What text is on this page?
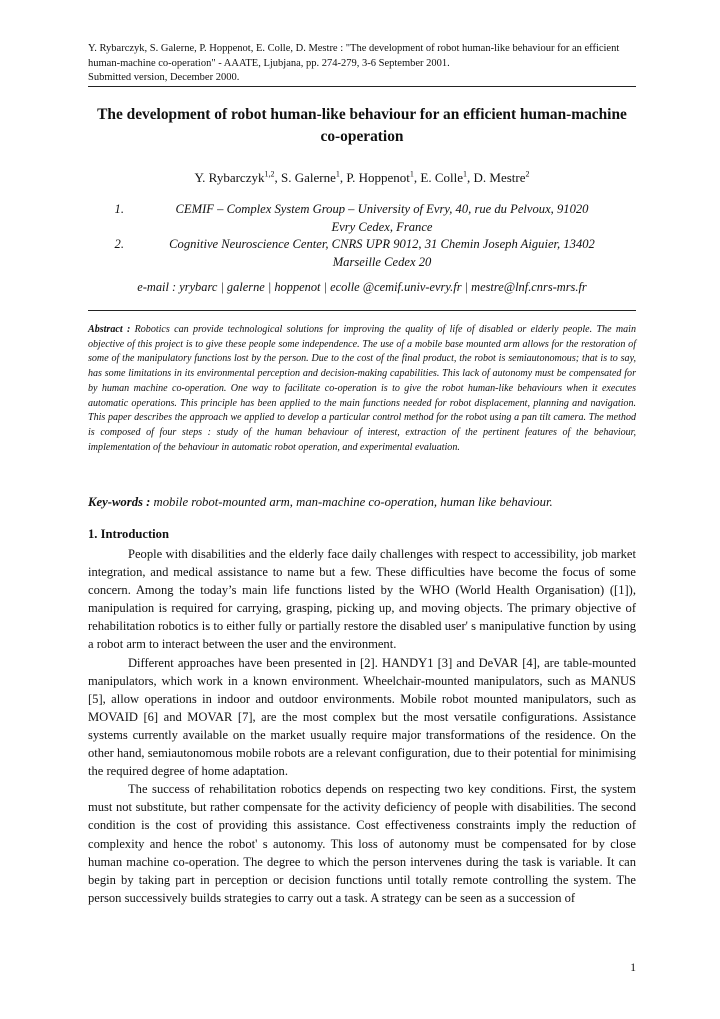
Y. Rybarczyk, S. Galerne, P. Hoppenot, E. Colle, D. Mestre : "The development of robot human-like behaviour for an efficient human-machine co-operation" - AAATE, Ljubjana, pp. 274-279, 3-6 September 2001.
Submitted version, December 2000.
The development of robot human-like behaviour for an efficient human-machine co-operation
Y. Rybarczyk$^{1,2}$, S. Galerne$^1$, P. Hoppenot$^1$, E. Colle$^1$, D. Mestre$^2$
1.	CEMIF – Complex System Group – University of Evry, 40, rue du Pelvoux, 91020
Evry Cedex, France
2.	Cognitive Neuroscience Center, CNRS UPR 9012, 31 Chemin Joseph Aiguier, 13402
Marseille Cedex 20
e-mail : yrybarc | galerne | hoppenot | ecolle @cemif.univ-evry.fr | mestre@lnf.cnrs-mrs.fr
Abstract : Robotics can provide technological solutions for improving the quality of life of disabled or elderly people. The main objective of this project is to give these people some independence. The use of a mobile base mounted arm allows for the restoration of some of the manipulatory functions lost by the person. Due to the cost of the final product, the robot is semiautonomous; that is to say, has some limitations in its environmental perception and decision-making capabilities. This lack of autonomy must be compensated for by human machine co-operation. One way to facilitate co-operation is to give the robot human-like behaviours when it executes automatic operations. This principle has been applied to the main functions needed for robot displacement, planning and navigation. This paper describes the approach we applied to develop a particular control method for the robot using a pan tilt camera. The method is composed of four steps : study of the human behaviour of interest, extraction of the pertinent features of the behaviour, implementation of the behaviour in automatic robot operation, and experimental evaluation.
Key-words : mobile robot-mounted arm, man-machine co-operation, human like behaviour.
1. Introduction

People with disabilities and the elderly face daily challenges with respect to accessibility, job market integration, and medical assistance to name but a few. These difficulties have become the focus of some concern. Among the today’s main life functions listed by the WHO (World Health Organisation) ([1]), manipulation is required for carrying, grasping, picking up, and moving objects. The primary objective of rehabilitation robotics is to either fully or partially restore the disabled user' s manipulative function by using a robot arm to interact between the user and the environment.

Different approaches have been presented in [2]. HANDY1 [3] and DeVAR [4], are table-mounted manipulators, which work in a known environment. Wheelchair-mounted manipulators, such as MANUS [5], allow operations in indoor and outdoor environments. Mobile robot mounted manipulators, such as MOVAID [6] and MOVAR [7], are the most complex but the most versatile configurations. Assistance systems currently available on the market usually require major transformations of the residence. On the other hand, semiautonomous mobile robots are a relevant configuration, due to their potential for minimising the required degree of home adaptation.

The success of rehabilitation robotics depends on respecting two key conditions. First, the system must not substitute, but rather compensate for the activity deficiency of people with disabilities. The second condition is the cost of providing this assistance. Cost effectiveness constraints imply the reduction of complexity and hence the robot' s autonomy. This loss of autonomy must be compensated for by close human machine co-operation. The degree to which the person intervenes during the task is variable. It can begin by taking part in perception or decision functions until totally remote controlling the system. The person successively builds strategies to carry out a task. A strategy can be seen as a succession of

1
